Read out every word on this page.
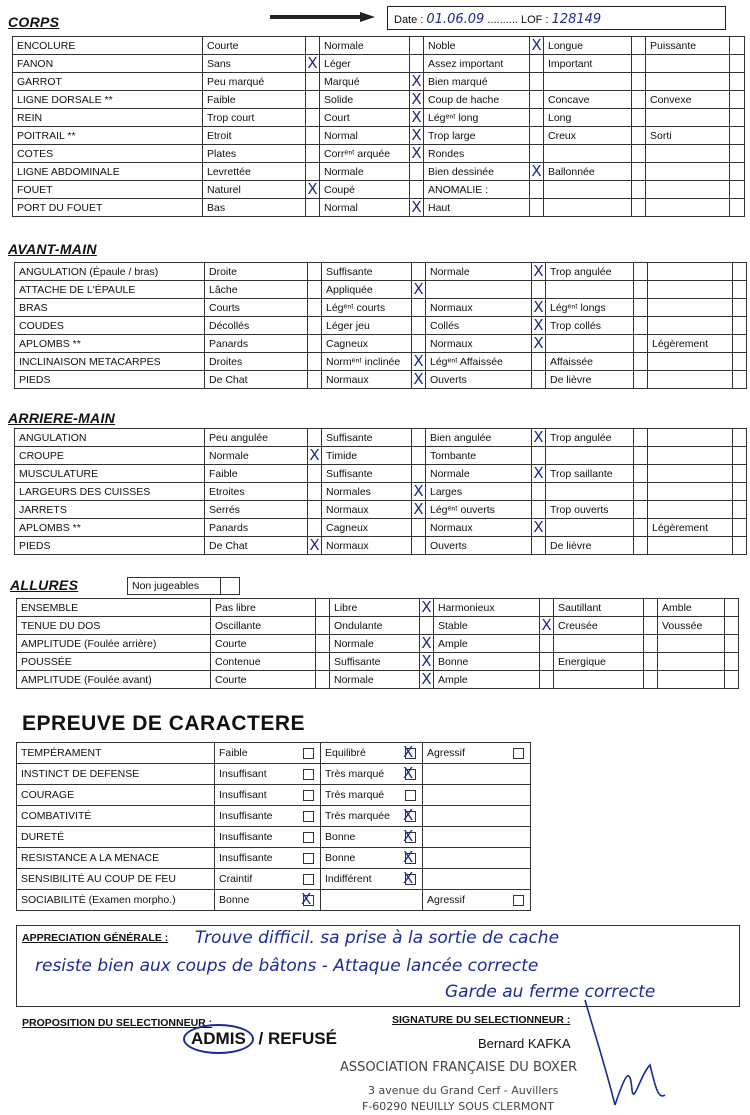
CORPS	Date : 01.06.09 .......... LOF : 128149
ENCOLURE	Courte		Normale		Noble	X	Longue		Puissante	
FANON	Sans	X	Léger		Assez important		Important			
GARROT	Peu marqué		Marqué	X	Bien marqué					
LIGNE DORSALE **	Faible		Solide	X	Coup de hache		Concave		Convexe	
REIN	Trop court		Court	X	Légᵉⁿᵗ long		Long			
POITRAIL **	Etroit		Normal	X	Trop large		Creux		Sorti	
COTES	Plates		Corrᵉⁿᵗ arquée	X	Rondes					
LIGNE ABDOMINALE	Levrettée		Normale		Bien dessinée	X	Ballonnée			
FOUET	Naturel	X	Coupé		ANOMALIE :					
PORT DU FOUET	Bas		Normal	X	Haut					
AVANT-MAIN
ANGULATION (Épaule / bras)	Droite		Suffisante		Normale	X	Trop angulée			
ATTACHE DE L'ÉPAULE	Lâche		Appliquée	X						
BRAS	Courts		Légᵉⁿᵗ courts		Normaux	X	Légᵉⁿᵗ longs			
COUDES	Décollés		Léger jeu		Collés	X	Trop collés			
APLOMBS **	Panards		Cagneux		Normaux	X			Légèrement	
INCLINAISON METACARPES	Droites		Normᵉⁿᵗ inclinée	X	Légᵉⁿᵗ Affaissée		Affaissée			
PIEDS	De Chat		Normaux	X	Ouverts		De lièvre			
ARRIERE-MAIN
ANGULATION	Peu angulée		Suffisante		Bien angulée	X	Trop angulée			
CROUPE	Normale	X	Timide		Tombante					
MUSCULATURE	Faible		Suffisante		Normale	X	Trop saillante			
LARGEURS DES CUISSES	Etroites		Normales	X	Larges					
JARRETS	Serrés		Normaux	X	Légᵉⁿᵗ ouverts		Trop ouverts			
APLOMBS **	Panards		Cagneux		Normaux	X			Légèrement	
PIEDS	De Chat	X	Normaux		Ouverts		De lièvre			
ALLURES	Non jugeables
ENSEMBLE	Pas libre		Libre	X	Harmonieux		Sautillant		Amble	
TENUE DU DOS	Oscillante		Ondulante		Stable	X	Creusée		Voussée	
AMPLITUDE (Foulée arrière)	Courte		Normale	X	Ample					
POUSSÉE	Contenue		Suffisante	X	Bonne		Energique			
AMPLITUDE (Foulée avant)	Courte		Normale	X	Ample					
EPREUVE DE CARACTERE
TEMPÉRAMENT	Faible		Equilibré X		Agressif

INSTINCT DE DEFENSE	Insuffisant		Très marqué X	

COURAGE	Insuffisant		Très marqué

COMBATIVITÉ	Insuffisante		Très marquée X	

DURETÉ	Insuffisante		Bonne X	

RESISTANCE A LA MENACE	Insuffisante		Bonne X	

SENSIBILITÉ AU COUP DE FEU	Craintif		Indifférent X	

SOCIABILITÉ (Examen morpho.)	Bonne X				Agressif
APPRECIATION GÉNÉRALE : Trouve difficil. sa prise à la sortie de cache
resiste bien aux coups de bâtons - Attaque lancée correcte
Garde au ferme correcte
PROPOSITION DU SELECTIONNEUR :	SIGNATURE DU SELECTIONNEUR :
ADMIS / REFUSÉ	Bernard KAFKA
ASSOCIATION FRANÇAISE DU BOXER
3 avenue du Grand Cerf - Auvillers
F-60290 NEUILLY SOUS CLERMONT
